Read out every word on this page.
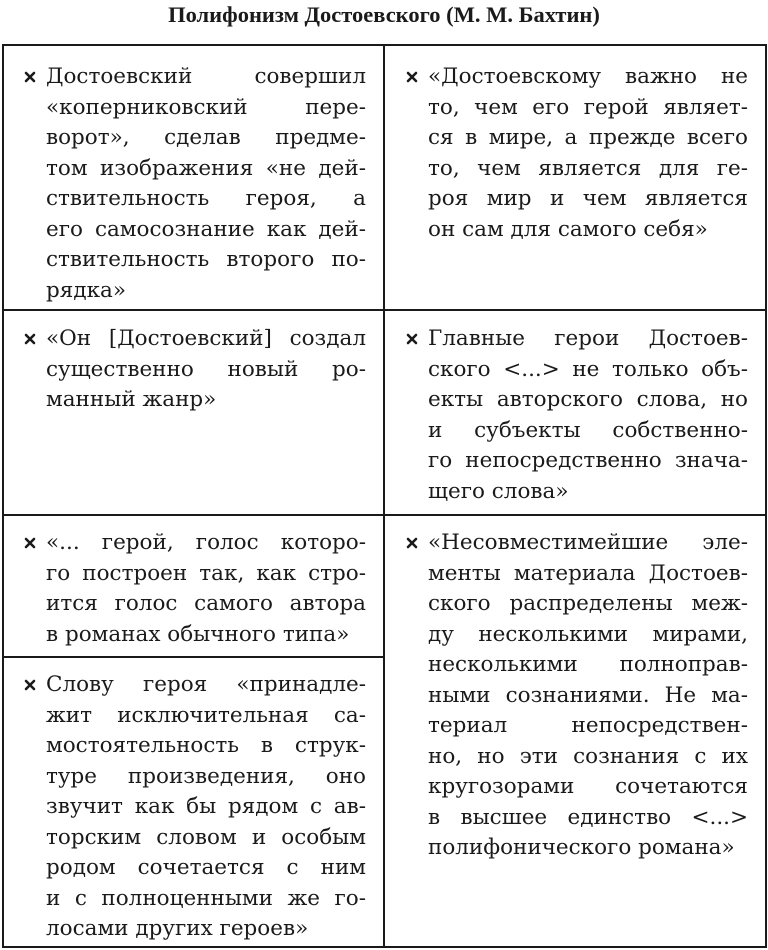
Полифонизм Достоевского (М. М. Бахтин)
Достоевский совершил
«коперниковский пере-
ворот», сделав предме-
том изображения «не дей-
ствительность героя, а
его самосознание как дей-
ствительность второго по-
рядка»
«Достоевскому важно не
то, чем его герой являет-
ся в мире, а прежде всего
то, чем является для ге-
роя мир и чем является
он сам для самого себя»
«Он [Достоевский] создал
существенно новый ро-
манный жанр»
Главные герои Достоев-
ского <...> не только объ-
екты авторского слова, но
и субъекты собственно-
го непосредственно знача-
щего слова»
«... герой, голос которо-
го построен так, как стро-
ится голос самого автора
в романах обычного типа»
«Несовместимейшие эле-
менты материала Достоев-
ского распределены меж-
ду несколькими мирами,
несколькими полноправ-
ными сознаниями. Не ма-
териал непосредствен-
но, но эти сознания с их
кругозорами сочетаются
в высшее единство <...>
полифонического романа»
Слову героя «принадле-
жит исключительная са-
мостоятельность в струк-
туре произведения, оно
звучит как бы рядом с ав-
торским словом и особым
родом сочетается с ним
и с полноценными же го-
лосами других героев»
